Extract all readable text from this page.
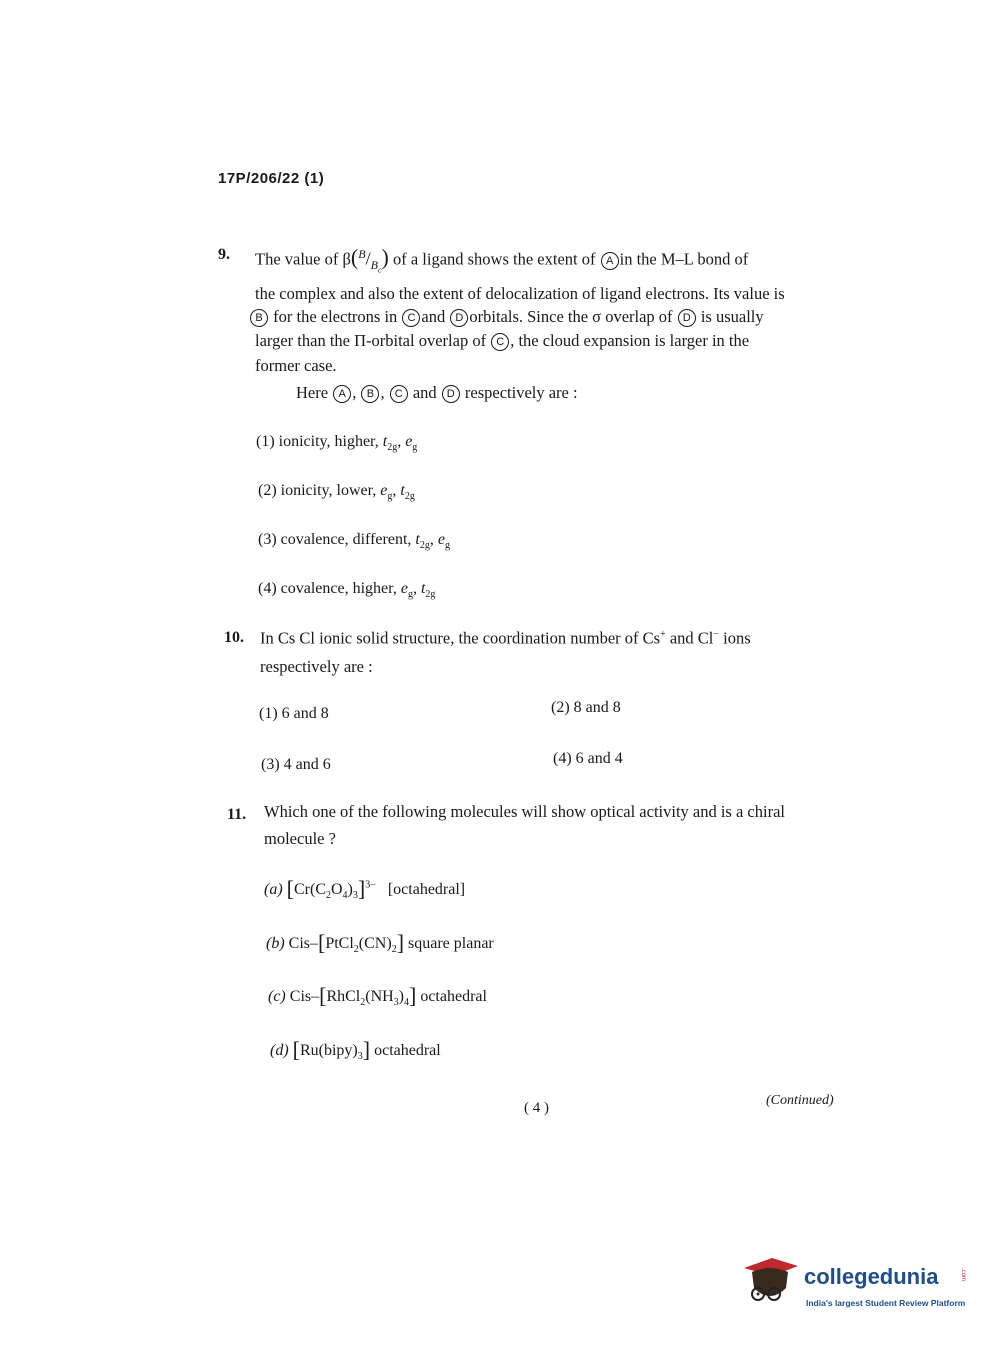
17P/206/22 (1)
9. The value of $\beta(^B/_{B_c})$ of a ligand shows the extent of A in the M–L bond of
the complex and also the extent of delocalization of ligand electrons. Its value is
B for the electrons in C and D orbitals. Since the σ overlap of D is usually
larger than the Π-orbital overlap of C , the cloud expansion is larger in the
former case.
Here A , B , C and D respectively are :
(1) ionicity, higher, $t_{2g}$, $e_g$
(2) ionicity, lower, $e_g$, $t_{2g}$
(3) covalence, different, $t_{2g}$, $e_g$
(4) covalence, higher, $e_g$, $t_{2g}$
10. In Cs Cl ionic solid structure, the coordination number of Cs+ and Cl− ions
respectively are :
(1) 6 and 8	(2) 8 and 8
(3) 4 and 6	(4) 6 and 4
11. Which one of the following molecules will show optical activity and is a chiral
molecule ?
(a) $[Cr(C_2O_4)_3]^{3-}$ [octahedral]
(b) Cis–$[PtCl_2(CN)_2]$ square planar
(c) Cis–$[RhCl_2(NH_3)_4]$ octahedral
(d) $[Ru(bipy)_3]$ octahedral
( 4 )	(Continued)
collegedunia
India's largest Student Review Platform
.com
